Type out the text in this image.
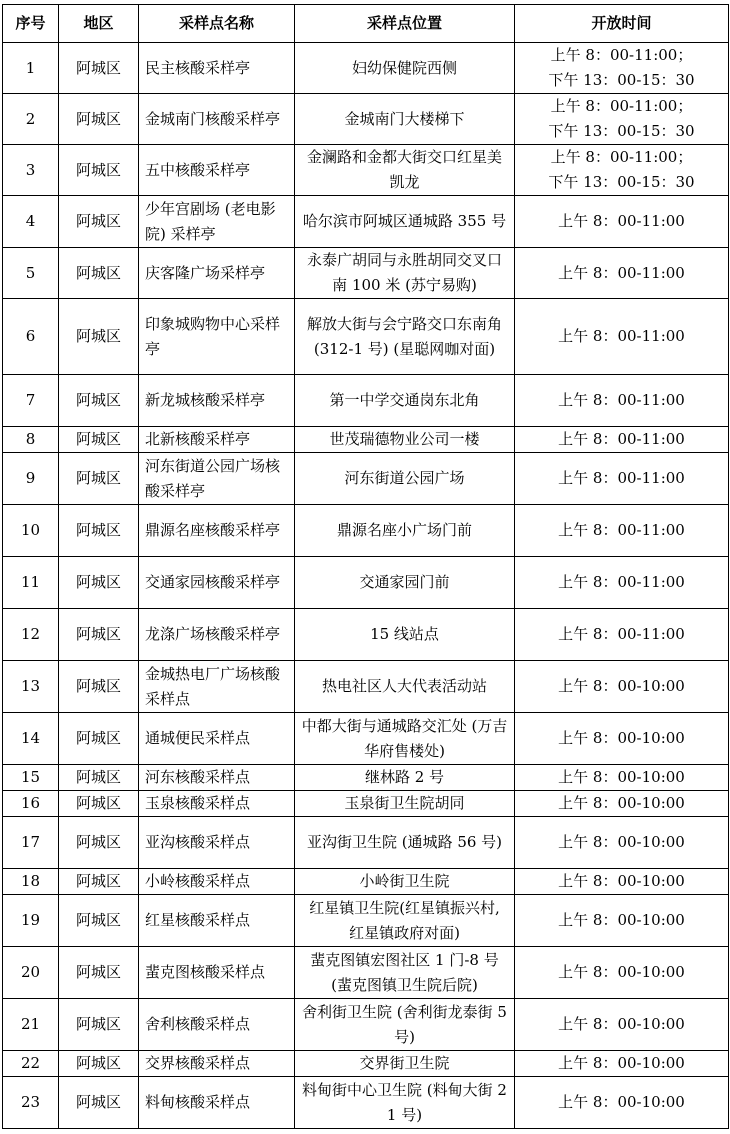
序号	地区	采样点名称	采样点位置	开放时间
1	阿城区	民主核酸采样亭	妇幼保健院西侧	上午 8：00-11:00；
下午 13：00-15：30
2	阿城区	金城南门核酸采样亭	金城南门大楼梯下	上午 8：00-11:00；
下午 13：00-15：30
3	阿城区	五中核酸采样亭	金澜路和金都大街交口红星美凯龙	上午 8：00-11:00；
下午 13：00-15：30
4	阿城区	少年宫剧场 (老电影院) 采样亭	哈尔滨市阿城区通城路 355 号	上午 8：00-11:00
5	阿城区	庆客隆广场采样亭	永泰广胡同与永胜胡同交叉口南 100 米 (苏宁易购)	上午 8：00-11:00
6	阿城区	印象城购物中心采样亭	解放大街与会宁路交口东南角 (312-1 号) (星聪网咖对面)	上午 8：00-11:00
7	阿城区	新龙城核酸采样亭	第一中学交通岗东北角	上午 8：00-11:00
8	阿城区	北新核酸采样亭	世茂瑞德物业公司一楼	上午 8：00-11:00
9	阿城区	河东街道公园广场核酸采样亭	河东街道公园广场	上午 8：00-11:00
10	阿城区	鼎源名座核酸采样亭	鼎源名座小广场门前	上午 8：00-11:00
11	阿城区	交通家园核酸采样亭	交通家园门前	上午 8：00-11:00
12	阿城区	龙涤广场核酸采样亭	15 线站点	上午 8：00-11:00
13	阿城区	金城热电厂广场核酸采样点	热电社区人大代表活动站	上午 8：00-10:00
14	阿城区	通城便民采样点	中都大街与通城路交汇处 (万吉华府售楼处)	上午 8：00-10:00
15	阿城区	河东核酸采样点	继林路 2 号	上午 8：00-10:00
16	阿城区	玉泉核酸采样点	玉泉街卫生院胡同	上午 8：00-10:00
17	阿城区	亚沟核酸采样点	亚沟街卫生院 (通城路 56 号)	上午 8：00-10:00
18	阿城区	小岭核酸采样点	小岭街卫生院	上午 8：00-10:00
19	阿城区	红星核酸采样点	红星镇卫生院(红星镇振兴村, 红星镇政府对面)	上午 8：00-10:00
20	阿城区	蜚克图核酸采样点	蜚克图镇宏图社区 1 门-8 号 (蜚克图镇卫生院后院)	上午 8：00-10:00
21	阿城区	舍利核酸采样点	舍利街卫生院 (舍利街龙泰街 5 号)	上午 8：00-10:00
22	阿城区	交界核酸采样点	交界街卫生院	上午 8：00-10:00
23	阿城区	料甸核酸采样点	料甸街中心卫生院 (料甸大街 21 号)	上午 8：00-10:00
